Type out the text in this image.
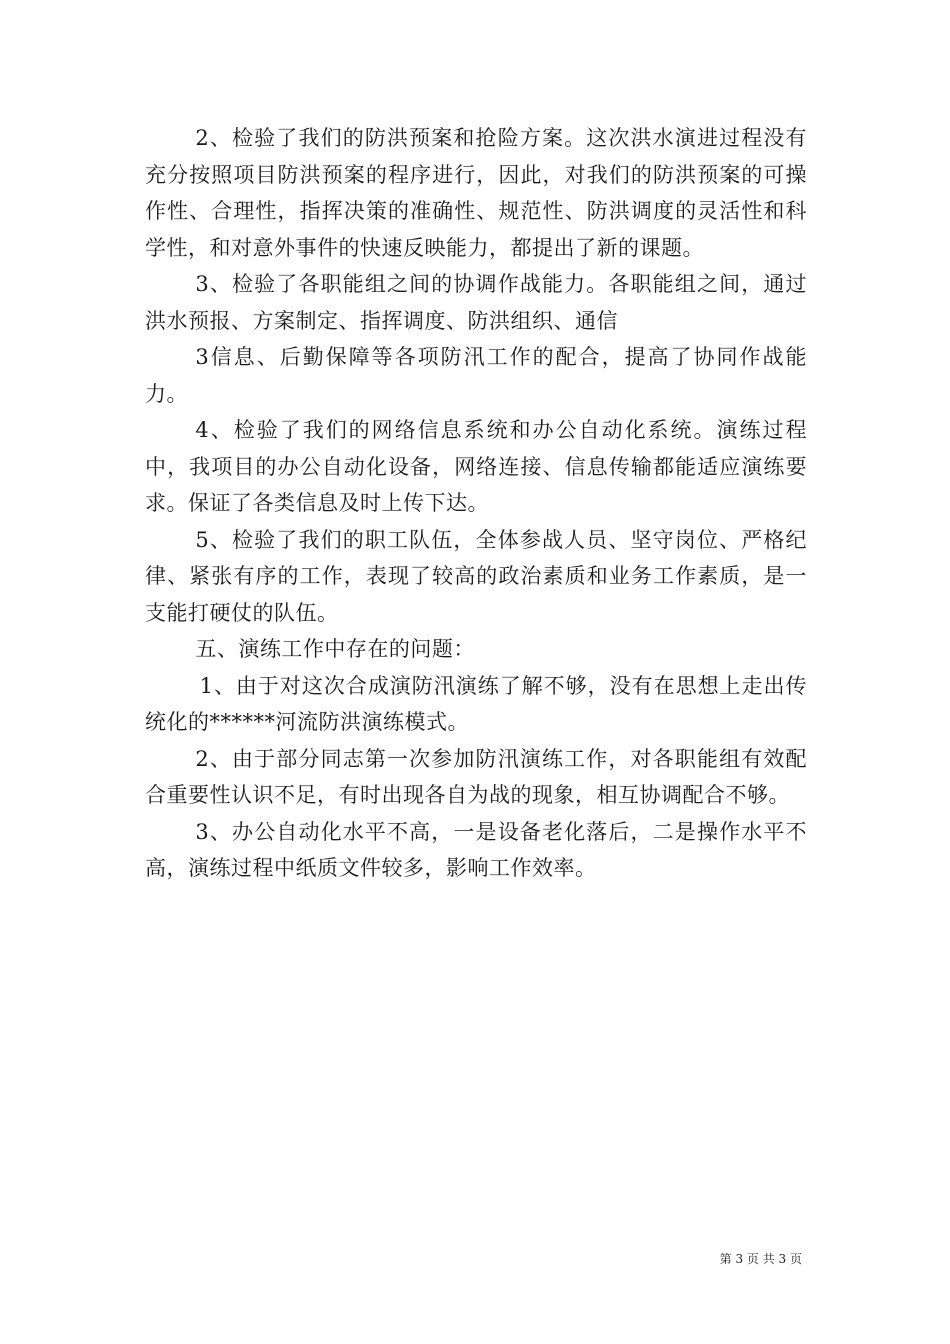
2、检验了我们的防洪预案和抢险方案。这次洪水演进过程没有充分按照项目防洪预案的程序进行，因此，对我们的防洪预案的可操作性、合理性，指挥决策的准确性、规范性、防洪调度的灵活性和科学性，和对意外事件的快速反映能力，都提出了新的课题。

3、检验了各职能组之间的协调作战能力。各职能组之间，通过洪水预报、方案制定、指挥调度、防洪组织、通信

3信息、后勤保障等各项防汛工作的配合，提高了协同作战能力。

4、检验了我们的网络信息系统和办公自动化系统。演练过程中，我项目的办公自动化设备，网络连接、信息传输都能适应演练要求。保证了各类信息及时上传下达。

5、检验了我们的职工队伍，全体参战人员、坚守岗位、严格纪律、紧张有序的工作，表现了较高的政治素质和业务工作素质，是一支能打硬仗的队伍。

五、演练工作中存在的问题：

1、由于对这次合成演防汛演练了解不够，没有在思想上走出传统化的******河流防洪演练模式。

2、由于部分同志第一次参加防汛演练工作，对各职能组有效配合重要性认识不足，有时出现各自为战的现象，相互协调配合不够。

3、办公自动化水平不高，一是设备老化落后，二是操作水平不高，演练过程中纸质文件较多，影响工作效率。

第 3 页 共 3 页
